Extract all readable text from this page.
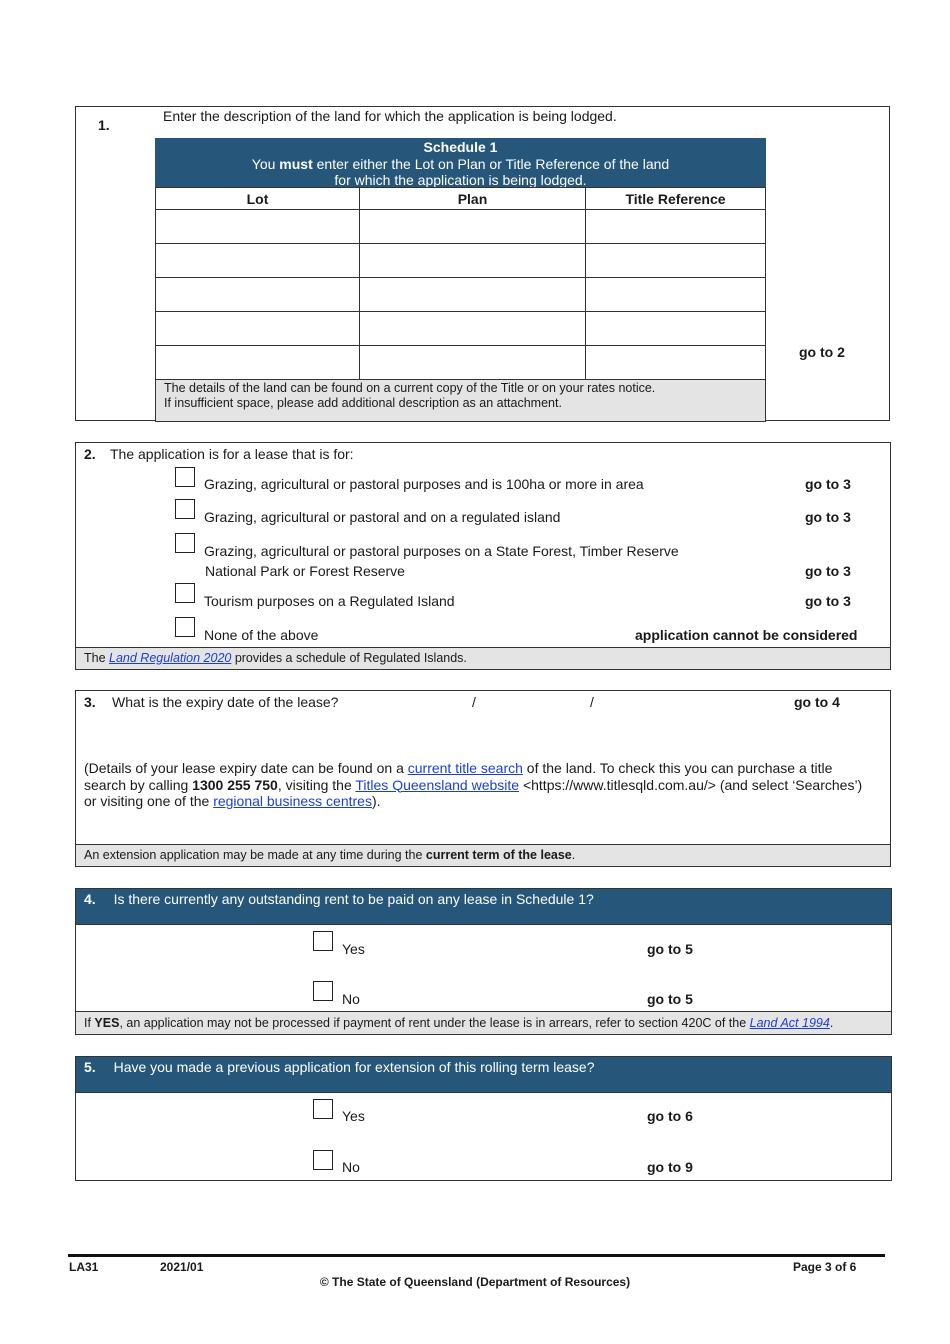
1.
Enter the description of the land for which the application is being lodged.
Schedule 1
You must enter either the Lot on Plan or Title Reference of the land
for which the application is being lodged.
Lot	Plan	Title Reference

The details of the land can be found on a current copy of the Title or on your rates notice.
If insufficient space, please add additional description as an attachment.		
go to 2
2. The application is for a lease that is for:
Grazing, agricultural or pastoral purposes and is 100ha or more in area	go to 3
Grazing, agricultural or pastoral and on a regulated island	go to 3
Grazing, agricultural or pastoral purposes on a State Forest, Timber Reserve
National Park or Forest Reserve	go to 3
Tourism purposes on a Regulated Island	go to 3
None of the above	application cannot be considered
The Land Regulation 2020 provides a schedule of Regulated Islands.
3. What is the expiry date of the lease?	/	/	go to 4
(Details of your lease expiry date can be found on a current title search of the land. To check this you can purchase a title search by calling 1300 255 750, visiting the Titles Queensland website <https://www.titlesqld.com.au/> (and select ‘Searches’) or visiting one of the regional business centres).
An extension application may be made at any time during the current term of the lease.
4. Is there currently any outstanding rent to be paid on any lease in Schedule 1?
Yes	go to 5
No	go to 5
If YES, an application may not be processed if payment of rent under the lease is in arrears, refer to section 420C of the Land Act 1994.
5. Have you made a previous application for extension of this rolling term lease?
Yes	go to 6
No	go to 9
LA31	2021/01	Page 3 of 6
© The State of Queensland (Department of Resources)
